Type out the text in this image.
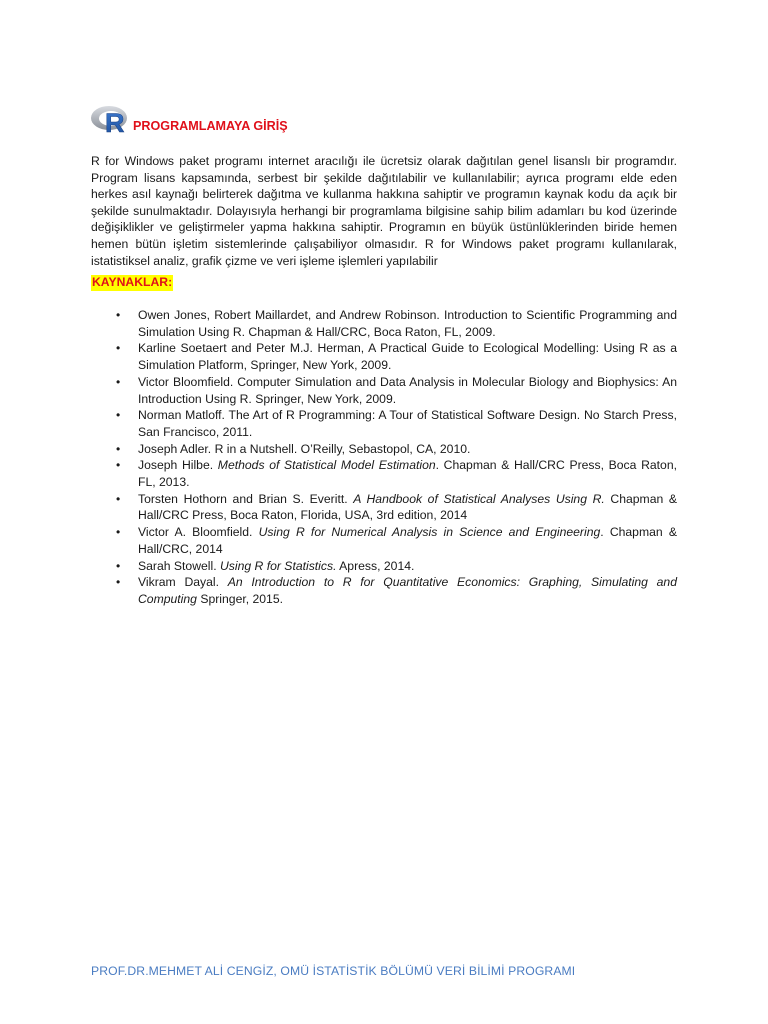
R PROGRAMLAMAYA GİRİŞ

R for Windows paket programı internet aracılığı ile ücretsiz olarak dağıtılan genel lisanslı bir programdır. Program lisans kapsamında, serbest bir şekilde dağıtılabilir ve kullanılabilir; ayrıca programı elde eden herkes asıl kaynağı belirterek dağıtma ve kullanma hakkına sahiptir ve programın kaynak kodu da açık bir şekilde sunulmaktadır. Dolayısıyla herhangi bir programlama bilgisine sahip bilim adamları bu kod üzerinde değişiklikler ve geliştirmeler yapma hakkına sahiptir. Programın en büyük üstünlüklerinden biride hemen hemen bütün işletim sistemlerinde çalışabiliyor olmasıdır. R for Windows paket programı kullanılarak, istatistiksel analiz, grafik çizme ve veri işleme işlemleri yapılabilir

KAYNAKLAR:
• Owen Jones, Robert Maillardet, and Andrew Robinson. Introduction to Scientific Programming and Simulation Using R. Chapman & Hall/CRC, Boca Raton, FL, 2009.
• Karline Soetaert and Peter M.J. Herman, A Practical Guide to Ecological Modelling: Using R as a Simulation Platform, Springer, New York, 2009.
• Victor Bloomfield. Computer Simulation and Data Analysis in Molecular Biology and Biophysics: An Introduction Using R. Springer, New York, 2009.
• Norman Matloff. The Art of R Programming: A Tour of Statistical Software Design. No Starch Press, San Francisco, 2011.
• Joseph Adler. R in a Nutshell. O’Reilly, Sebastopol, CA, 2010.
• Joseph Hilbe. Methods of Statistical Model Estimation. Chapman & Hall/CRC Press, Boca Raton, FL, 2013.
• Torsten Hothorn and Brian S. Everitt. A Handbook of Statistical Analyses Using R. Chapman & Hall/CRC Press, Boca Raton, Florida, USA, 3rd edition, 2014
• Victor A. Bloomfield. Using R for Numerical Analysis in Science and Engineering. Chapman & Hall/CRC, 2014
• Sarah Stowell. Using R for Statistics. Apress, 2014.
• Vikram Dayal. An Introduction to R for Quantitative Economics: Graphing, Simulating and Computing Springer, 2015.
PROF.DR.MEHMET ALİ CENGİZ, OMÜ İSTATİSTİK BÖLÜMÜ VERİ BİLİMİ PROGRAMI
